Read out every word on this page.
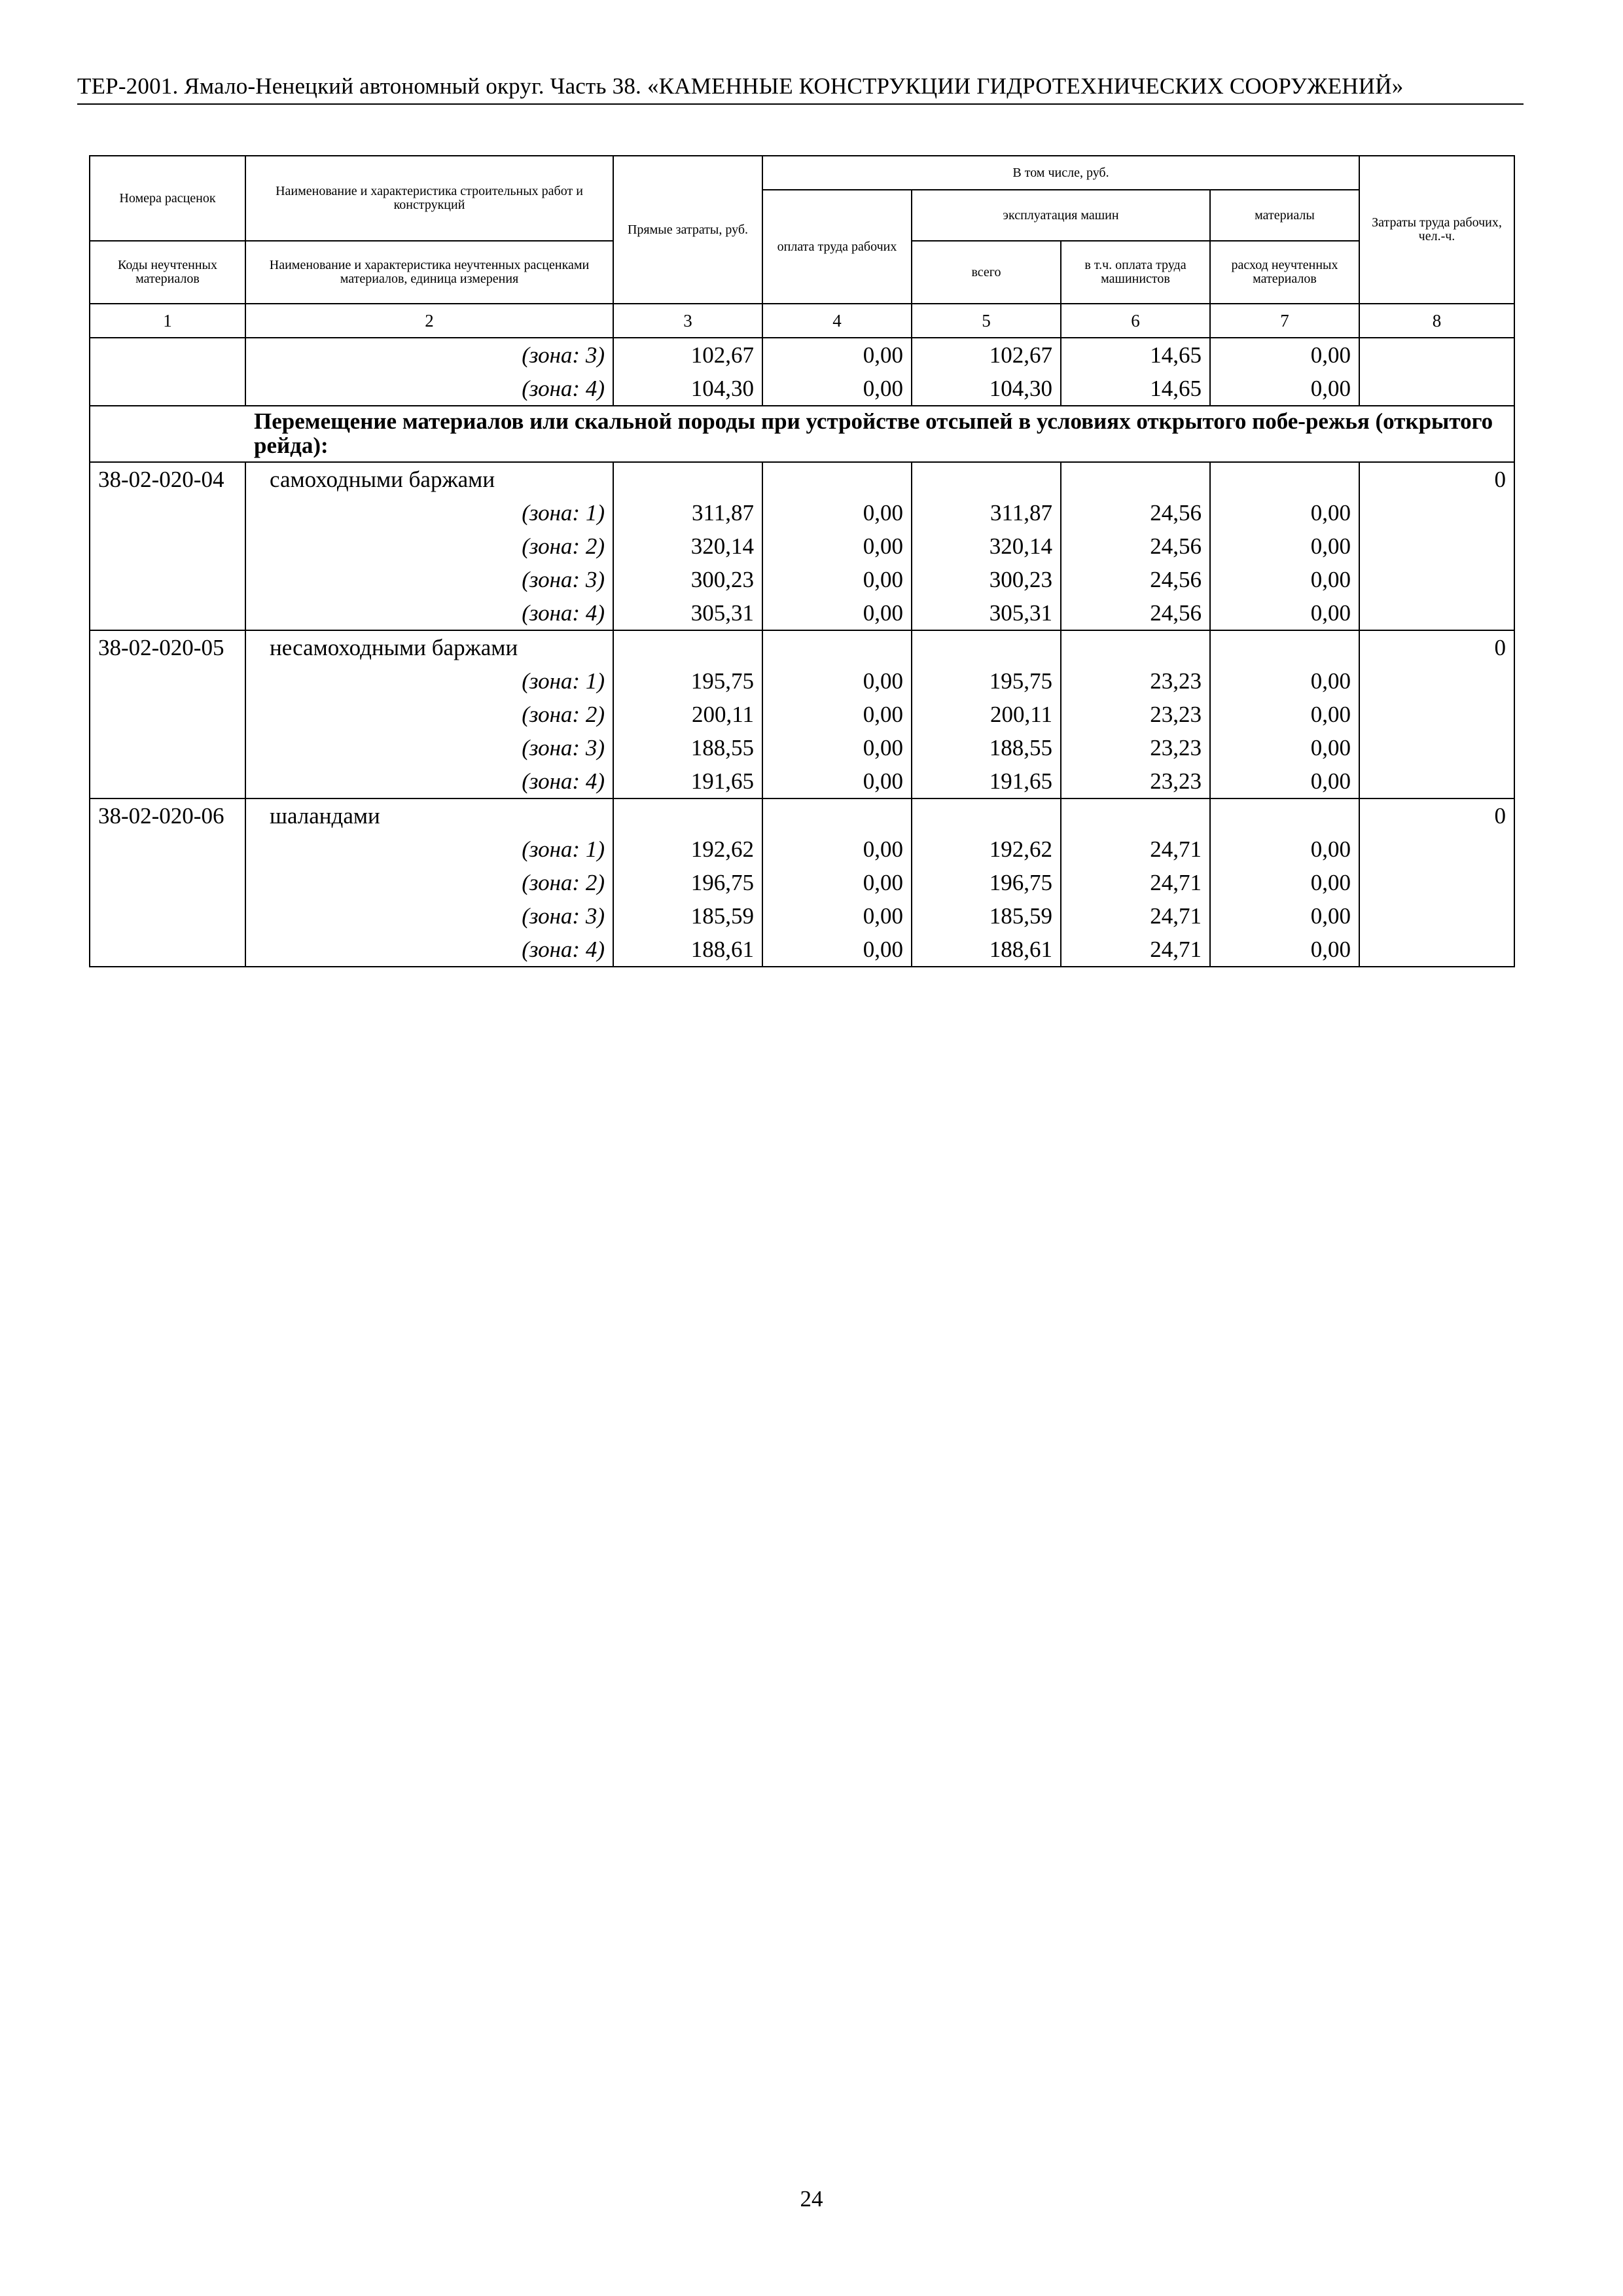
ТЕР-2001. Ямало-Ненецкий автономный округ. Часть 38. «КАМЕННЫЕ КОНСТРУКЦИИ ГИДРОТЕХНИЧЕСКИХ СООРУЖЕНИЙ»
Номера расценок	Наименование и характеристика строительных работ и конструкций	Прямые затраты, руб.	В том числе, руб.				Затраты труда рабочих, чел.-ч.
			оплата труда рабочих	эксплуатация машин		материалы	
Коды неучтенных материалов	Наименование и характеристика неучтенных расценками материалов, единица измерения			всего	в т.ч. оплата труда машинистов	расход неучтенных материалов	
1	2	3	4	5	6	7	8
	(зона: 3)	102,67	0,00	102,67	14,65	0,00	
	(зона: 4)	104,30	0,00	104,30	14,65	0,00	
Перемещение материалов или скальной породы при устройстве отсыпей в условиях открытого побе-режья (открытого рейда):							
38-02-020-04	самоходными баржами						0
	(зона: 1)	311,87	0,00	311,87	24,56	0,00	
	(зона: 2)	320,14	0,00	320,14	24,56	0,00	
	(зона: 3)	300,23	0,00	300,23	24,56	0,00	
	(зона: 4)	305,31	0,00	305,31	24,56	0,00	
38-02-020-05	несамоходными баржами						0
	(зона: 1)	195,75	0,00	195,75	23,23	0,00	
	(зона: 2)	200,11	0,00	200,11	23,23	0,00	
	(зона: 3)	188,55	0,00	188,55	23,23	0,00	
	(зона: 4)	191,65	0,00	191,65	23,23	0,00	
38-02-020-06	шаландами						0
	(зона: 1)	192,62	0,00	192,62	24,71	0,00	
	(зона: 2)	196,75	0,00	196,75	24,71	0,00	
	(зона: 3)	185,59	0,00	185,59	24,71	0,00	
	(зона: 4)	188,61	0,00	188,61	24,71	0,00	
24
